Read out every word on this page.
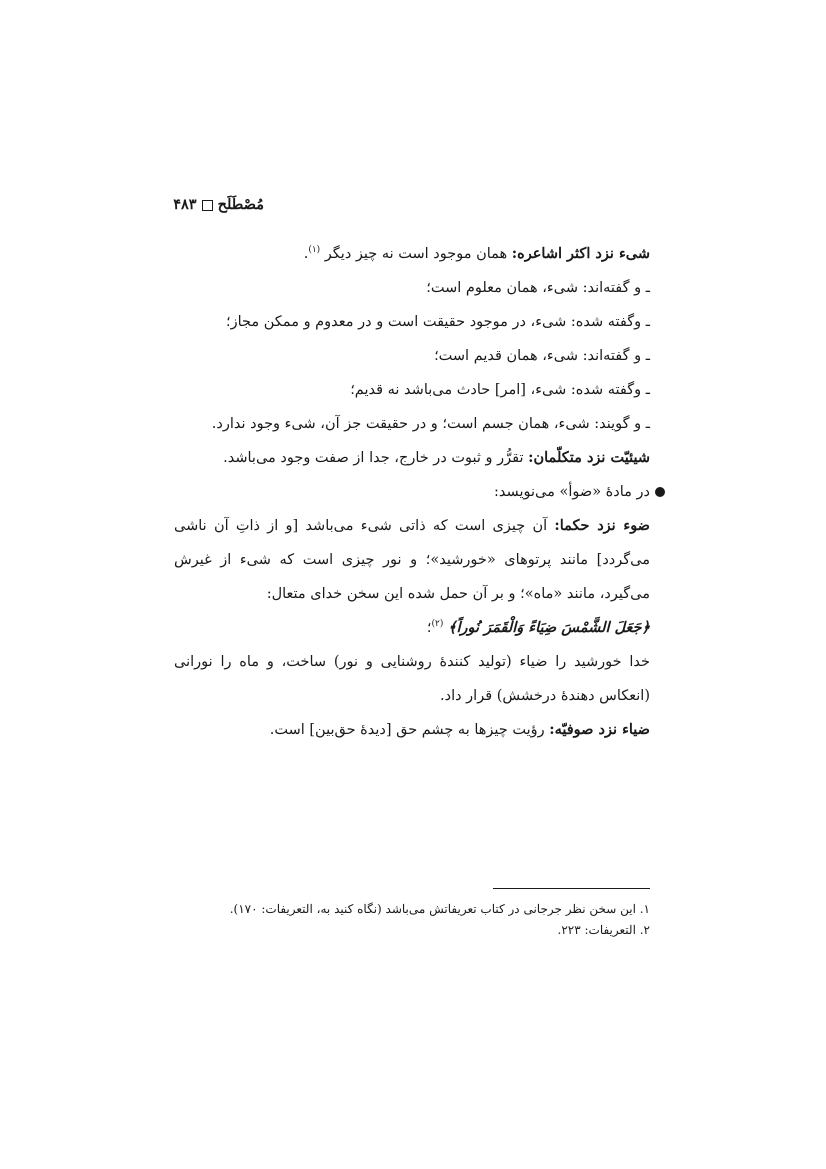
مُصْطَلَح۴۸۳

شیء نزد اکثر اشاعره: همان موجود است نه چیز دیگر $^{(۱)}$.

ـ و گفته‌اند: شیء، همان معلوم است؛

ـ وگفته شده: شیء، در موجود حقیقت است و در معدوم و ممکن مجاز؛

ـ و گفته‌اند: شیء، همان قدیم است؛

ـ وگفته شده: شیء، [امر] حادث می‌باشد نه قدیم؛

ـ و گویند: شیء، همان جسم است؛ و در حقیقت جز آن، شیء وجود ندارد.

شیئیّت نزد متکلّمان: تقرُّر و ثبوت در خارج، جدا از صفت وجود می‌باشد.

در مادهٔ «ضوأ» می‌نویسد:

ضوء نزد حکما: آن چیزی است که ذاتی شیء می‌باشد [و از ذاتِ آن ناشی می‌گردد] مانند پرتوهای «خورشید»؛ و نور چیزی است که شیء از غیرش می‌گیرد، مانند «ماه»؛ و بر آن حمل شده این سخن خدای متعال:

﴿جَعَلَ الشَّمْسَ ضِيَاءً وَالْقَمَرَ نُوراً﴾ $^{(۲)}$؛

خدا خورشید را ضیاء (تولید کنندهٔ روشنایی و نور) ساخت، و ماه را نورانی (انعکاس دهندهٔ درخشش) قرار داد.

ضیاء نزد صوفیّه: رؤیت چیزها به چشم حق [دیدهٔ حق‌بین] است.

۱. این سخن نظر جرجانی در کتاب تعریفاتش می‌باشد (نگاه کنید به، التعریفات: ۱۷۰).

۲. التعریفات: ۲۲۳.
